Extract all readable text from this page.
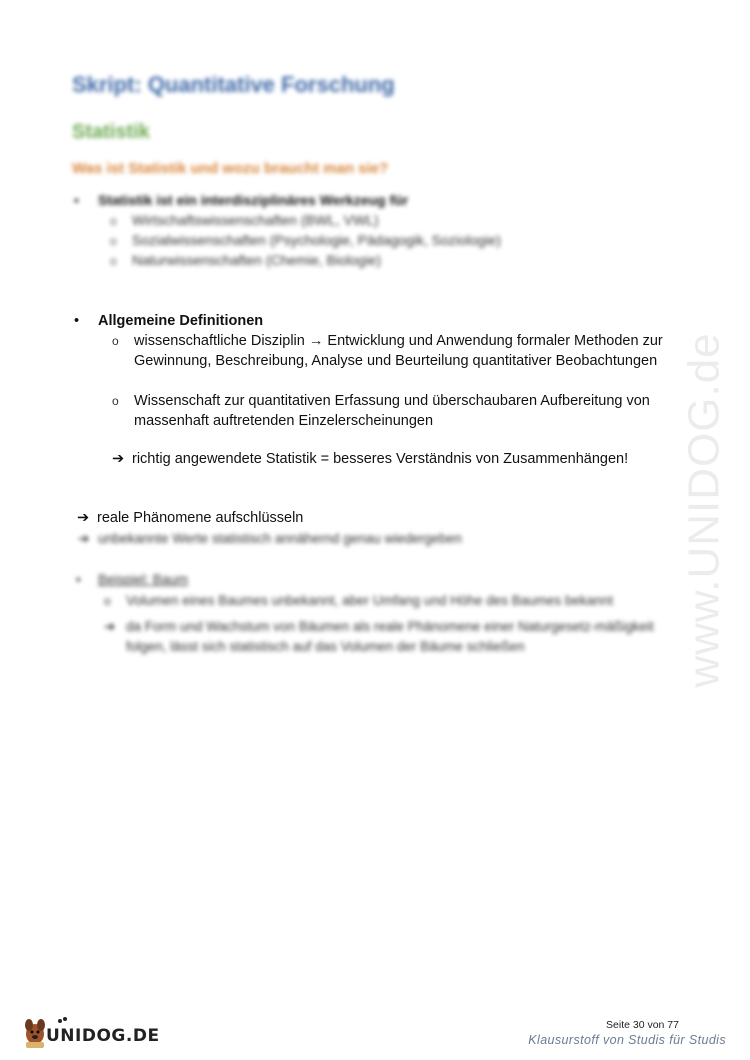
Skript: Quantitative Forschung
Statistik
Was ist Statistik und wozu braucht man sie?
• Statistik ist ein interdisziplinäres Werkzeug für
o Wirtschaftswissenschaften (BWL, VWL)
o Sozialwissenschaften (Psychologie, Pädagogik, Soziologie)
o Naturwissenschaften (Chemie, Biologie)
• Allgemeine Definitionen
o wissenschaftliche Disziplin → Entwicklung und Anwendung formaler Methoden zur Gewinnung, Beschreibung, Analyse und Beurteilung quantitativer Beobachtungen
o Wissenschaft zur quantitativen Erfassung und überschaubaren Aufbereitung von massenhaft auftretenden Einzelerscheinungen
➔ richtig angewendete Statistik = besseres Verständnis von Zusammenhängen!
➔ reale Phänomene aufschlüsseln
➔ unbekannte Werte statistisch annähernd genau wiedergeben
• Beispiel: Baum
o Volumen eines Baumes unbekannt, aber Umfang und Höhe des Baumes bekannt
➔ da Form und Wachstum von Bäumen als reale Phänomene einer Naturgesetz-mäßigkeit folgen, lässt sich statistisch auf das Volumen der Bäume schließen	www.UNIDOG.de
UNIDOG.DE
Seite 30 von 77
Klausurstoff von Studis für Studis
